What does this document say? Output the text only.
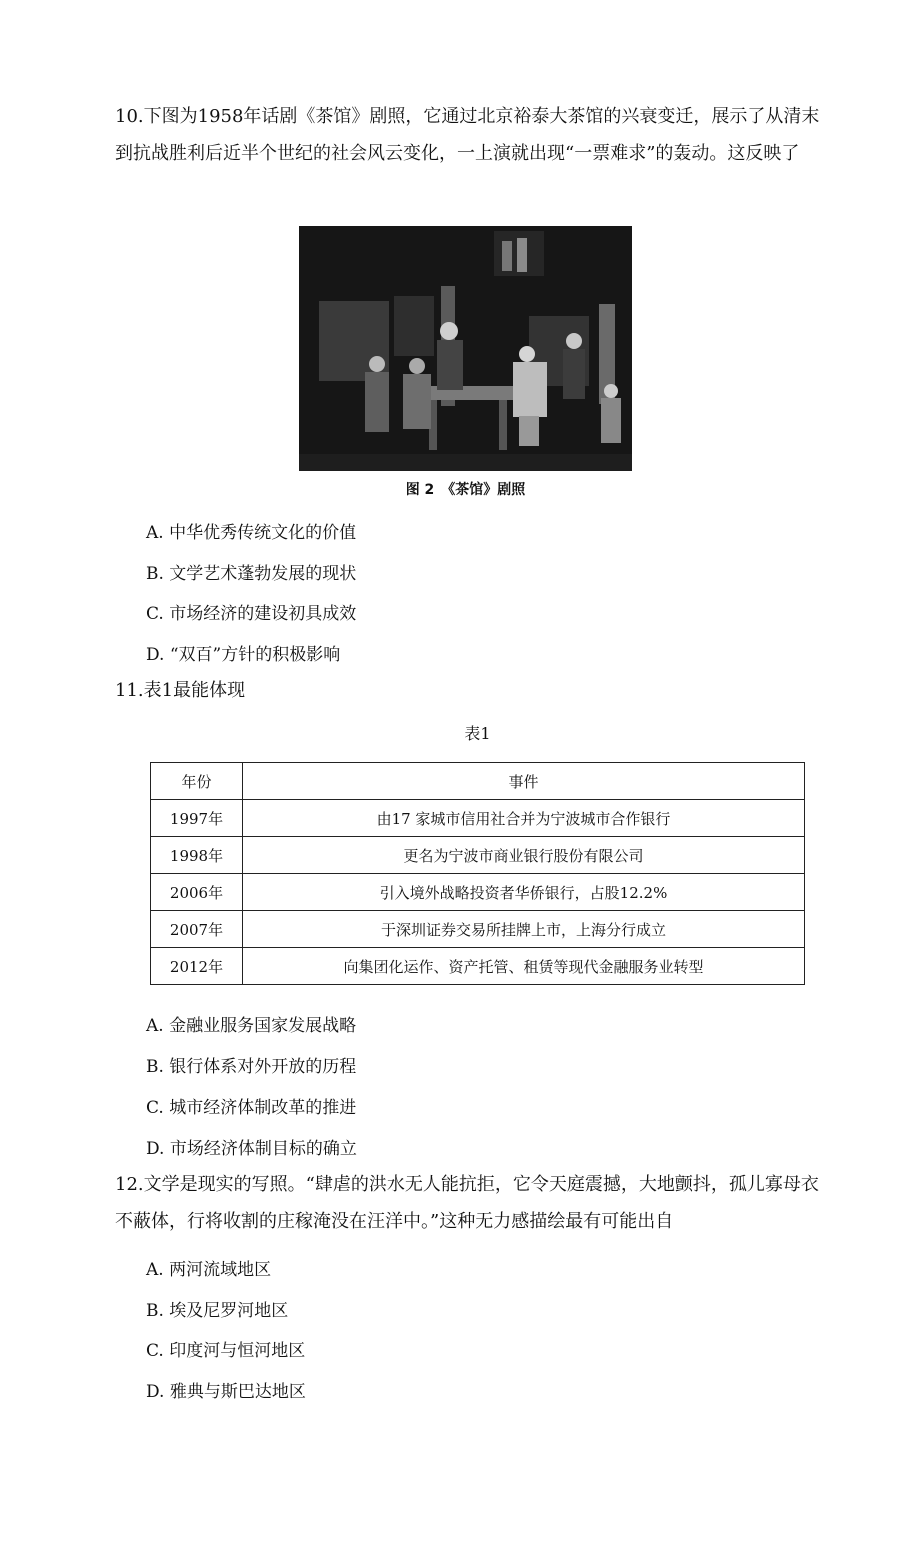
10.下图为1958年话剧《茶馆》剧照，它通过北京裕泰大茶馆的兴衰变迁，展示了从清末到抗战胜利后近半个世纪的社会风云变化，一上演就出现“一票难求”的轰动。这反映了
图 2　《茶馆》剧照
A. 中华优秀传统文化的价值
B. 文学艺术蓬勃发展的现状
C. 市场经济的建设初具成效
D. “双百”方针的积极影响
11.表1最能体现
表1
年份	事件
1997年	由17 家城市信用社合并为宁波城市合作银行
1998年	更名为宁波市商业银行股份有限公司
2006年	引入境外战略投资者华侨银行，占股12.2%
2007年	于深圳证券交易所挂牌上市，上海分行成立
2012年	向集团化运作、资产托管、租赁等现代金融服务业转型
A. 金融业服务国家发展战略
B. 银行体系对外开放的历程
C. 城市经济体制改革的推进
D. 市场经济体制目标的确立
12.文学是现实的写照。“肆虐的洪水无人能抗拒，它令天庭震撼，大地颤抖，孤儿寡母衣不蔽体，行将收割的庄稼淹没在汪洋中。”这种无力感描绘最有可能出自
A. 两河流域地区
B. 埃及尼罗河地区
C. 印度河与恒河地区
D. 雅典与斯巴达地区
